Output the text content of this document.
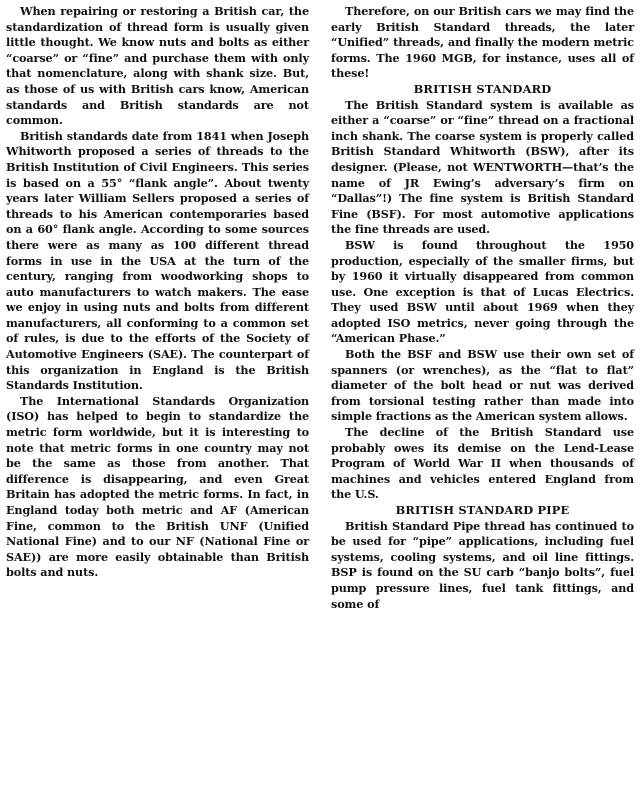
When repairing or restoring a British car, the standardization of thread form is usually given little thought. We know nuts and bolts as either “coarse” or “fine” and purchase them with only that nomenclature, along with shank size. But, as those of us with British cars know, American standards and British standards are not common.

British standards date from 1841 when Joseph Whitworth proposed a series of threads to the British Institution of Civil Engineers. This series is based on a 55° “flank angle”. About twenty years later William Sellers proposed a series of threads to his American contemporaries based on a 60° flank angle. According to some sources there were as many as 100 different thread forms in use in the USA at the turn of the century, ranging from woodworking shops to auto manufacturers to watch makers. The ease we enjoy in using nuts and bolts from different manufacturers, all conforming to a common set of rules, is due to the efforts of the Society of Automotive Engineers (SAE). The counterpart of this organization in England is the British Standards Institution.

The International Standards Organization (ISO) has helped to begin to standardize the metric form worldwide, but it is interesting to note that metric forms in one country may not be the same as those from another. That difference is disappearing, and even Great Britain has adopted the metric forms. In fact, in England today both metric and AF (American Fine, common to the British UNF (Unified National Fine) and to our NF (National Fine or SAE)) are more easily obtainable than British bolts and nuts.

Therefore, on our British cars we may find the early British Standard threads, the later “Unified” threads, and finally the modern metric forms. The 1960 MGB, for instance, uses all of these!

BRITISH STANDARD

The British Standard system is available as either a “coarse” or “fine” thread on a fractional inch shank. The coarse system is properly called British Standard Whitworth (BSW), after its designer. (Please, not WENTWORTH—that’s the name of JR Ewing’s adversary’s firm on “Dallas”!) The fine system is British Standard Fine (BSF). For most automotive applications the fine threads are used.

BSW is found throughout the 1950 production, especially of the smaller firms, but by 1960 it virtually disappeared from common use. One exception is that of Lucas Electrics. They used BSW until about 1969 when they adopted ISO metrics, never going through the “American Phase.”

Both the BSF and BSW use their own set of spanners (or wrenches), as the “flat to flat” diameter of the bolt head or nut was derived from torsional testing rather than made into simple fractions as the American system allows.

The decline of the British Standard use probably owes its demise on the Lend-Lease Program of World War II when thousands of machines and vehicles entered England from the U.S.

BRITISH STANDARD PIPE

British Standard Pipe thread has continued to be used for “pipe” applications, including fuel systems, cooling systems, and oil line fittings. BSP is found on the SU carb “banjo bolts”, fuel pump pressure lines, fuel tank fittings, and some of
